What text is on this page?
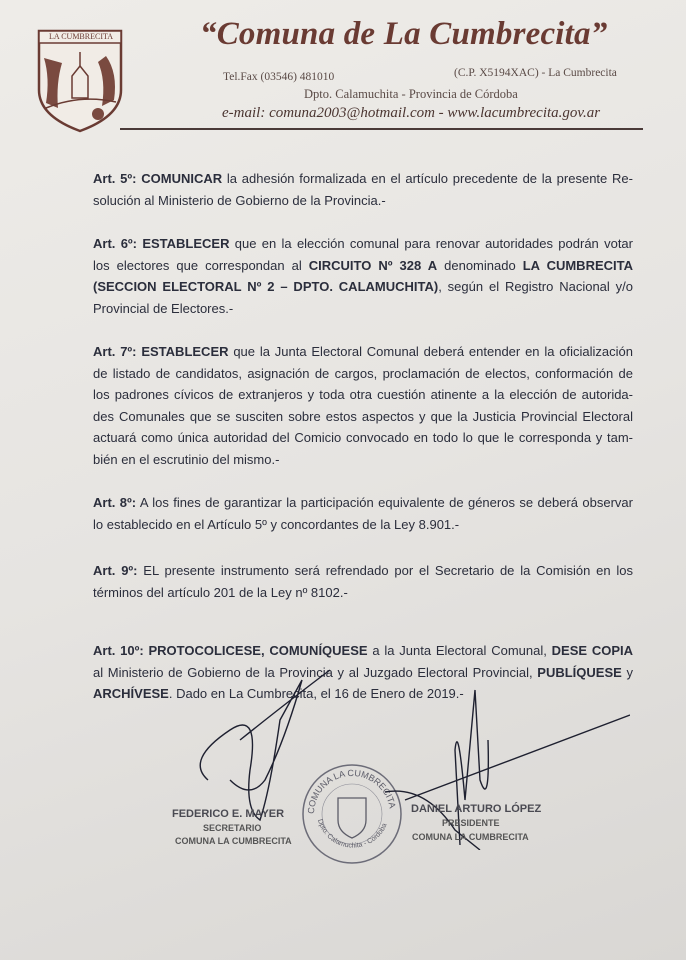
LA CUMBRECITA	“Comuna de La Cumbrecita”
Tel.Fax (03546) 481010	(C.P. X5194XAC) - La Cumbrecita
Dpto. Calamuchita - Provincia de Córdoba
e-mail: comuna2003@hotmail.com - www.lacumbrecita.gov.ar
Art. 5º: COMUNICAR la adhesión formalizada en el artículo precedente de la presente Re-
solución al Ministerio de Gobierno de la Provincia.-
Art. 6º: ESTABLECER que en la elección comunal para renovar autoridades podrán votar
los electores que correspondan al CIRCUITO Nº 328 A denominado LA CUMBRECITA
(SECCION ELECTORAL Nº 2 – DPTO. CALAMUCHITA), según el Registro Nacional y/o
Provincial de Electores.-
Art. 7º: ESTABLECER que la Junta Electoral Comunal deberá entender en la oficialización
de listado de candidatos, asignación de cargos, proclamación de electos, conformación de
los padrones cívicos de extranjeros y toda otra cuestión atinente a la elección de autorida-
des Comunales que se susciten sobre estos aspectos y que la Justicia Provincial Electoral
actuará como única autoridad del Comicio convocado en todo lo que le corresponda y tam-
bién en el escrutinio del mismo.-
Art. 8º: A los fines de garantizar la participación equivalente de géneros se deberá observar
lo establecido en el Artículo 5º y concordantes de la Ley 8.901.-
Art. 9º: EL presente instrumento será refrendado por el Secretario de la Comisión en los
términos del artículo 201 de la Ley nº 8102.-
Art. 10º: PROTOCOLICESE, COMUNÍQUESE a la Junta Electoral Comunal, DESE COPIA
al Ministerio de Gobierno de la Provincia y al Juzgado Electoral Provincial, PUBLÍQUESE y
ARCHÍVESE. Dado en La Cumbrecita, el 16 de Enero de 2019.-
COMUNA LA CUMBRECITA
Dpto. Calamuchita - Córdoba
FEDERICO E. MAYER
SECRETARIO
COMUNA LA CUMBRECITA
DANIEL ARTURO LÓPEZ
PRESIDENTE
COMUNA LA CUMBRECITA
